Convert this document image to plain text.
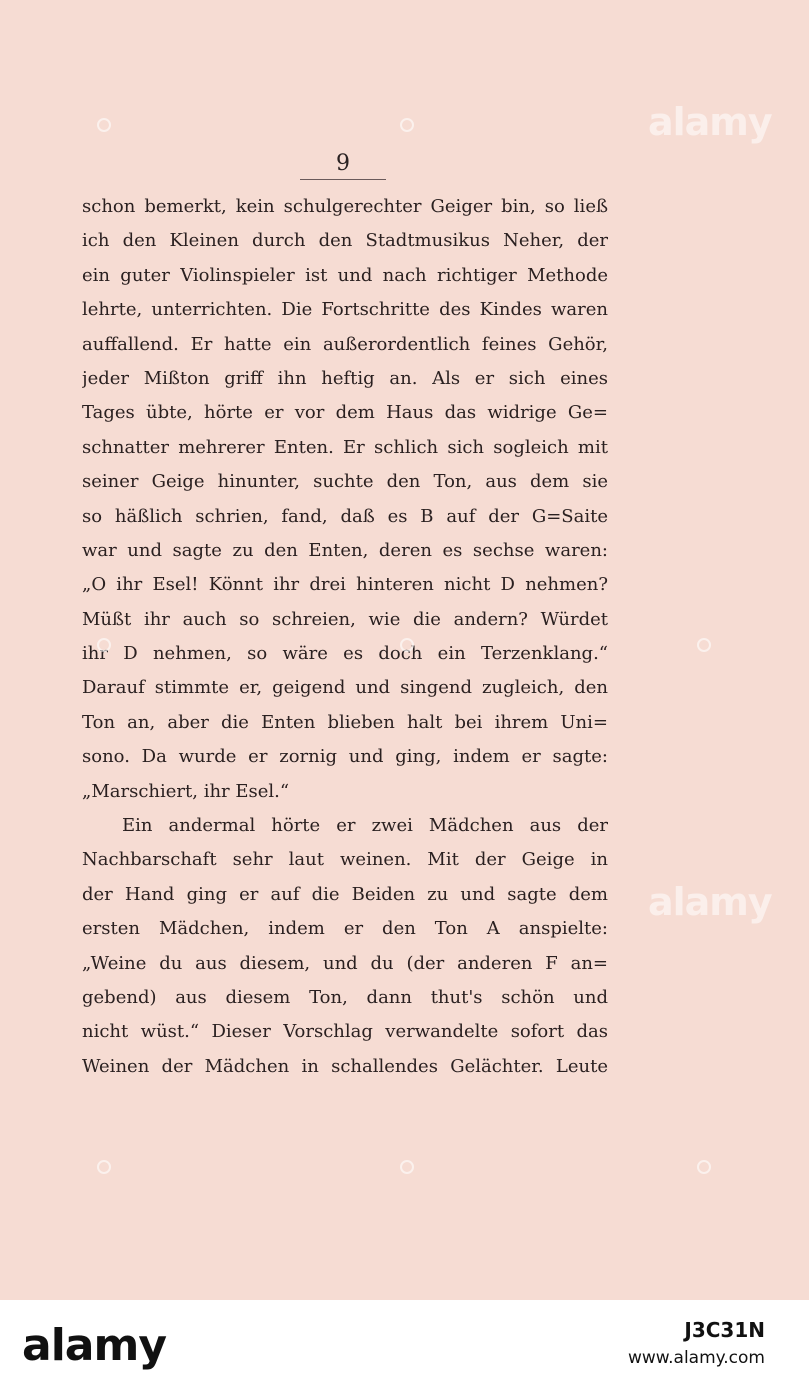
9
schon bemerkt, kein schulgerechter Geiger bin, so ließ
ich den Kleinen durch den Stadtmusikus Neher, der
ein guter Violinspieler ist und nach richtiger Methode
lehrte, unterrichten. Die Fortschritte des Kindes waren
auffallend. Er hatte ein außerordentlich feines Gehör,
jeder Mißton griff ihn heftig an. Als er sich eines
Tages übte, hörte er vor dem Haus das widrige Ge=
schnatter mehrerer Enten. Er schlich sich sogleich mit
seiner Geige hinunter, suchte den Ton, aus dem sie
so häßlich schrien, fand, daß es B auf der G=Saite
war und sagte zu den Enten, deren es sechse waren:
„O ihr Esel! Könnt ihr drei hinteren nicht D nehmen?
Müßt ihr auch so schreien, wie die andern? Würdet
ihr D nehmen, so wäre es doch ein Terzenklang.“
Darauf stimmte er, geigend und singend zugleich, den
Ton an, aber die Enten blieben halt bei ihrem Uni=
sono. Da wurde er zornig und ging, indem er sagte:
„Marschiert, ihr Esel.“
Ein andermal hörte er zwei Mädchen aus der
Nachbarschaft sehr laut weinen. Mit der Geige in
der Hand ging er auf die Beiden zu und sagte dem
ersten Mädchen, indem er den Ton A anspielte:
„Weine du aus diesem, und du (der anderen F an=
gebend) aus diesem Ton, dann thut's schön und
nicht wüst.“ Dieser Vorschlag verwandelte sofort das
Weinen der Mädchen in schallendes Gelächter. Leute
alamy
alamy
alamy	J3C31N
www.alamy.com
